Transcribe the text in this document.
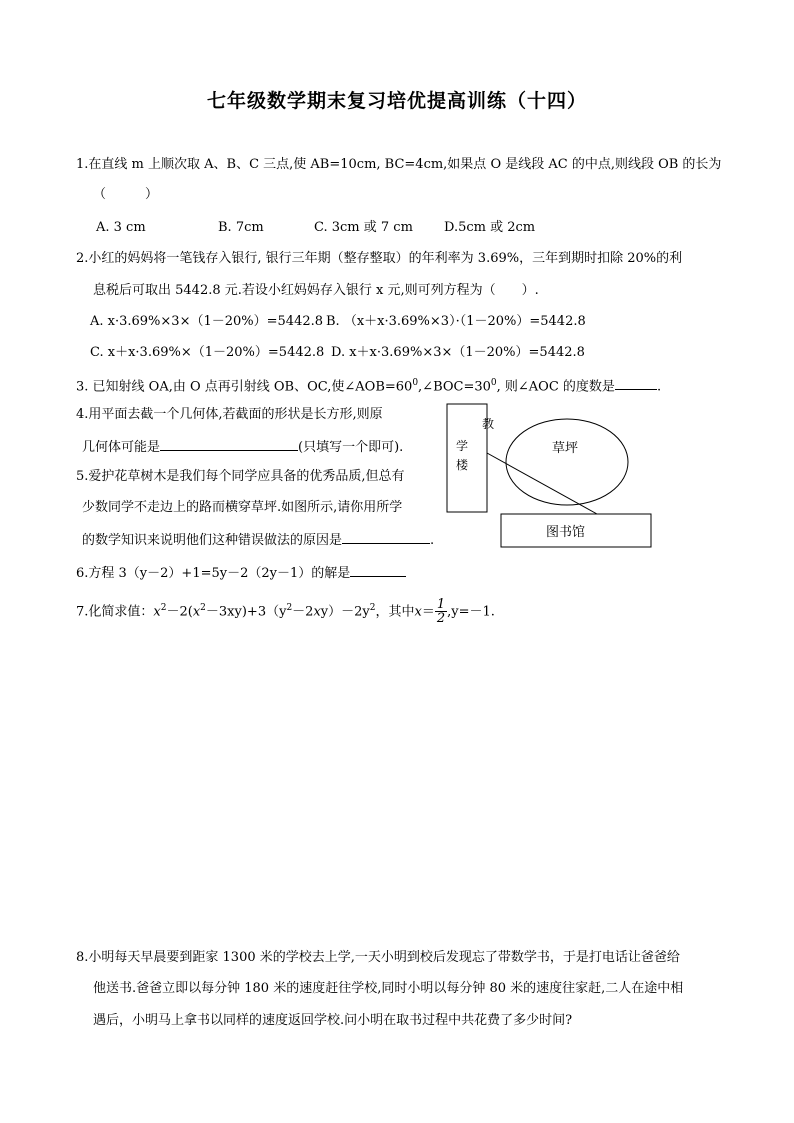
七年级数学期末复习培优提高训练（十四）
1.在直线 m 上顺次取 A、B、C 三点,使 AB=10cm, BC=4cm,如果点 O 是线段 AC 的中点,则线段 OB 的长为
（　　　）
A. 3 cm	B. 7cm	C. 3cm 或 7 cm D.5cm 或 2cm
2.小红的妈妈将一笔钱存入银行, 银行三年期（整存整取）的年利率为 3.69%，三年到期时扣除 20%的利
息税后可取出 5442.8 元.若设小红妈妈存入银行 x 元,则可列方程为（　　）.
A. x·3.69%×3×（1－20%）=5442.8 B. （x＋x·3.69%×3）·（1－20%）=5442.8
C. x＋x·3.69%×（1－20%）=5442.8 D. x＋x·3.69%×3×（1－20%）=5442.8
3. 已知射线 OA,由 O 点再引射线 OB、OC,使$\angle AOB=60^0,\angle BOC=30^0$, 则∠AOC 的度数是	.
4.用平面去截一个几何体,若截面的形状是长方形,则原
几何体可能是	(只填写一个即可).
5.爱护花草树木是我们每个同学应具备的优秀品质,但总有
少数同学不走边上的路而横穿草坪.如图所示,请你用所学
的数学知识来说明他们这种错误做法的原因是	.
教
学
楼
草坪
图书馆
6.方程 3（y－2）+1=5y－2（2y－1）的解是
7.化简求值：$x^2-2(x^2-3xy)+3(y^2-2xy)-2y^2$，其中$x= \frac{1}{2} ,y=-1$.
8.小明每天早晨要到距家 1300 米的学校去上学,一天小明到校后发现忘了带数学书，于是打电话让爸爸给
他送书.爸爸立即以每分钟 180 米的速度赶往学校,同时小明以每分钟 80 米的速度往家赶,二人在途中相
遇后，小明马上拿书以同样的速度返回学校.问小明在取书过程中共花费了多少时间?
